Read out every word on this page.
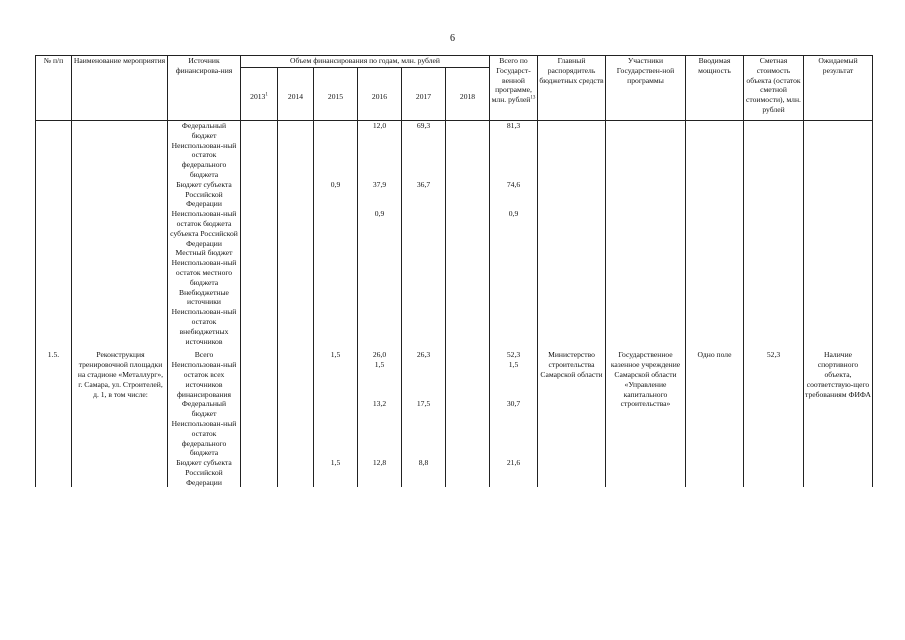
6
№ п/п	Наименование мероприятия	Источник финансирова-ния	Объем финансирования по годам, млн. рублей						Всего по Государст-венной программе, млн. рублей$^{13}$	Главный распорядитель бюджетных средств	Участники Государствен-ной программы	Вводимая мощность	Сметная стоимость объекта (остаток сметной стоимости), млн. рублей	Ожидаемый результат
			2013$^1$	2014	2015	2016	2017	2018						
		Федеральный бюджет				12,0	69,3		81,3					
		Неиспользован-ный остаток федерального бюджета												
		Бюджет субъекта Российской Федерации			0,9	37,9	36,7		74,6					
		Неиспользован-ный остаток бюджета субъекта Российской Федерации				0,9			0,9					
		Местный бюджет												
		Неиспользован-ный остаток местного бюджета												
		Внебюджетные источники												
		Неиспользован-ный остаток внебюджетных источников												
1.5.	Реконструкция тренировочной площадки на стадионе «Металлург», г. Самара, ул. Строителей, д. 1, в том числе:	Всего			1,5	26,0	26,3		52,3	Министерство строительства Самарской области	Государственное казенное учреждение Самарской области «Управление капитального строительства»	Одно поле	52,3	Наличие спортивного объекта, соответствую-щего требованиям ФИФА
		Неиспользован-ный остаток всех источников финансирования				1,5			1,5					
		Федеральный бюджет				13,2	17,5		30,7					
		Неиспользован-ный остаток федерального бюджета												
		Бюджет субъекта Российской Федерации			1,5	12,8	8,8		21,6					
